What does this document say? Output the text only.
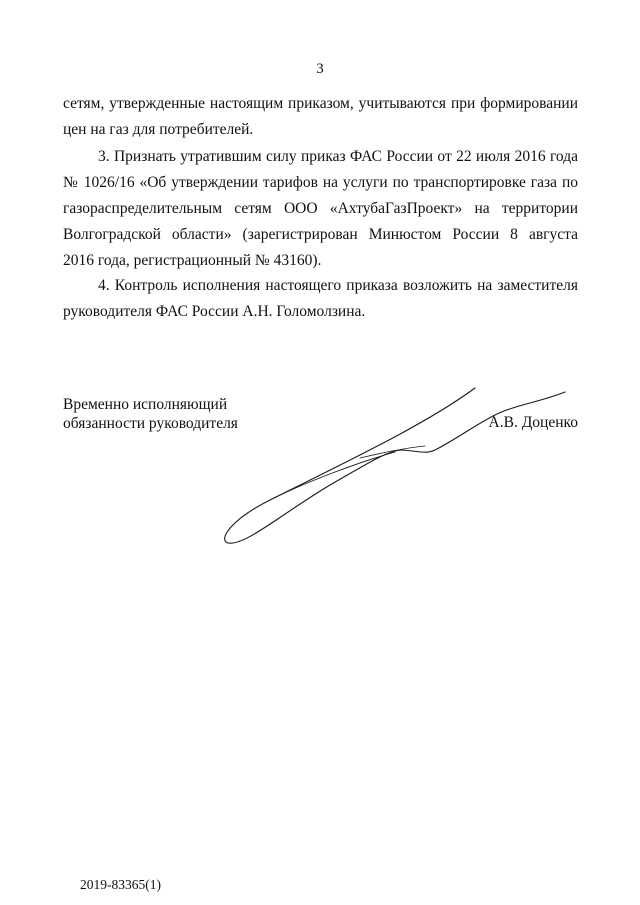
3

сетям, утвержденные настоящим приказом, учитываются при формировании
цен на газ для потребителей.

3. Признать утратившим силу приказ ФАС России от 22 июля 2016 года
№ 1026/16 «Об утверждении тарифов на услуги по транспортировке газа по
газораспределительным сетям ООО «АхтубаГазПроект» на территории
Волгоградской области» (зарегистрирован Минюстом России 8 августа
2016 года, регистрационный № 43160).

4. Контроль исполнения настоящего приказа возложить на заместителя
руководителя ФАС России А.Н. Голомолзина.

Временно исполняющий
обязанности руководителя	А.В. Доценко
2019-83365(1)
